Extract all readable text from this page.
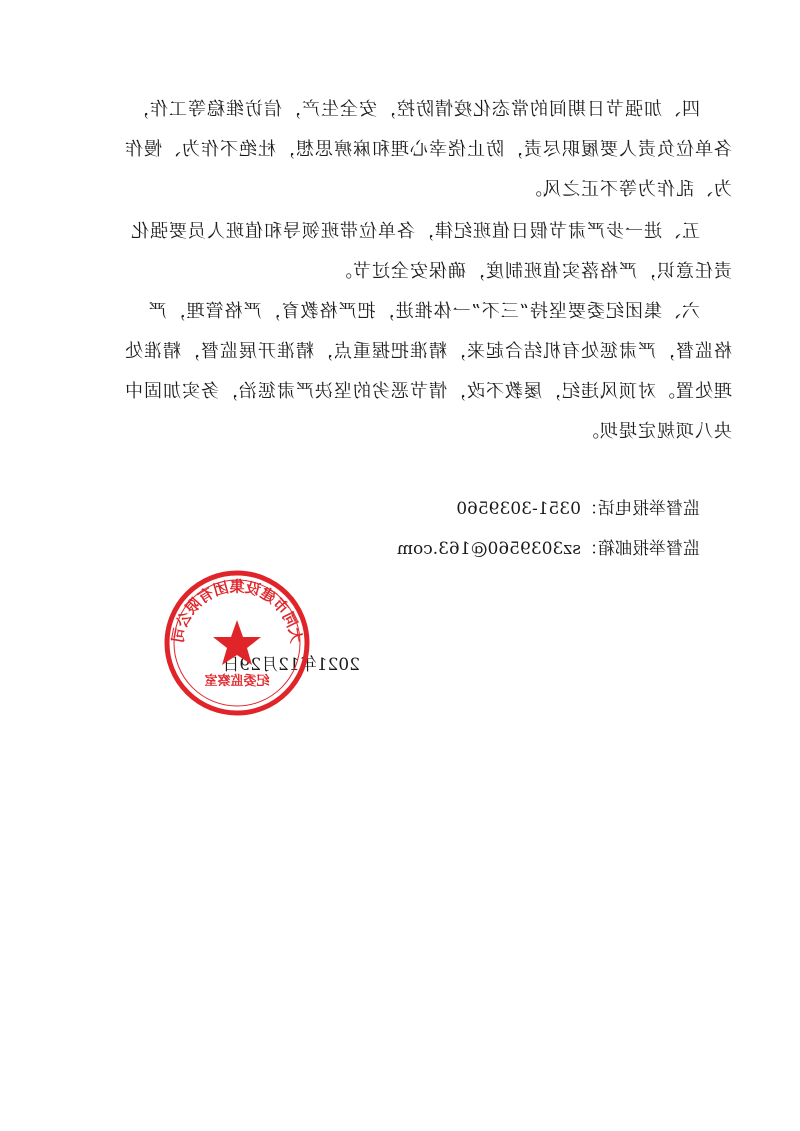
四、加强节日期间的常态化疫情防控，安全生产，信访维稳等工作，
各单位负责人要履职尽责，防止侥幸心理和麻痹思想，杜绝不作为、慢作
为、乱作为等不正之风。
五、进一步严肃节假日值班纪律，各单位带班领导和值班人员要强化
责任意识，严格落实值班制度，确保安全过节。
六、集团纪委要坚持“三不”一体推进，把严格教育，严格管理，严
格监督，严肃惩处有机结合起来，精准把握重点，精准开展监督，精准处
理处置。对顶风违纪，屡教不改，情节恶劣的坚决严肃惩治，务实加固中
央八项规定堤坝。
监督举报电话：0351-3039560
监督举报邮箱：sz3039560@163.com
2021年12月29日
大同市建设集团有限公司
纪委监察室
